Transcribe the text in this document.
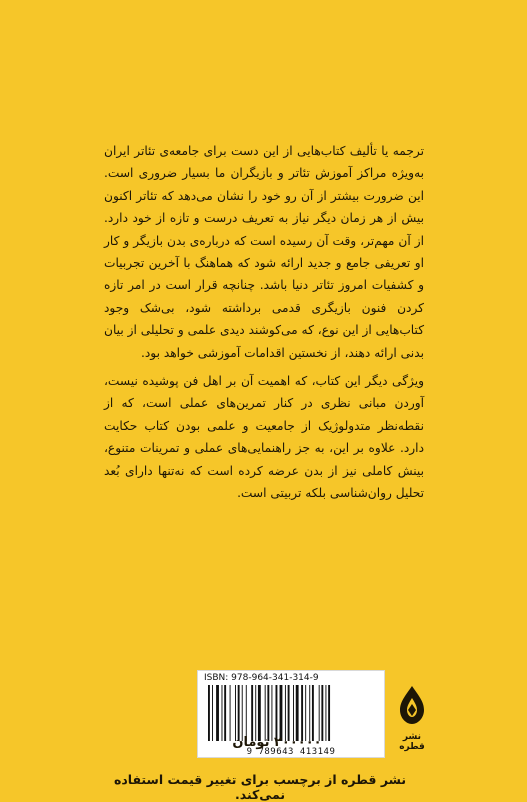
ترجمه یا تألیف کتاب‌هایی از این دست برای جامعه‌ی تئاتر ایران به‌ویژه مراکز آموزش تئاتر و بازیگران ما بسیار ضروری است. این ضرورت بیشتر از آن رو خود را نشان می‌دهد که تئاتر اکنون بیش از هر زمان دیگر نیاز به تعریف درست و تازه از خود دارد. از آن مهم‌تر، وقت آن رسیده است که درباره‌ی بدن بازیگر و کار او تعریفی جامع و جدید ارائه شود که هماهنگ با آخرین تجربیات و کشفیات امروز تئاتر دنیا باشد. چنانچه قرار است در امر تازه کردن فنون بازیگری قدمی برداشته شود، بی‌شک وجود کتاب‌هایی از این نوع، که می‌کوشند دیدی علمی و تحلیلی از بیان بدنی ارائه دهند، از نخستین اقدامات آموزشی خواهد بود.

ویژگی دیگر این کتاب، که اهمیت آن بر اهل فن پوشیده نیست، آوردن مبانی نظری در کنار تمرین‌های عملی است، که از نقطه‌نظر متدولوژیک از جامعیت و علمی بودن کتاب حکایت دارد. علاوه بر این، به جز راهنمایی‌های عملی و تمرینات متنوع، بینش کاملی نیز از بدن عرضه کرده است که نه‌تنها دارای بُعد تحلیل روان‌شناسی بلکه تربیتی است.

ISBN: 978-964-341-314-9
9 789643 413149
نشر قطره
۲۰۰۰۰۰ تومان
نشر قطره از برچسب برای تغییر قیمت استفاده نمی‌کند.
